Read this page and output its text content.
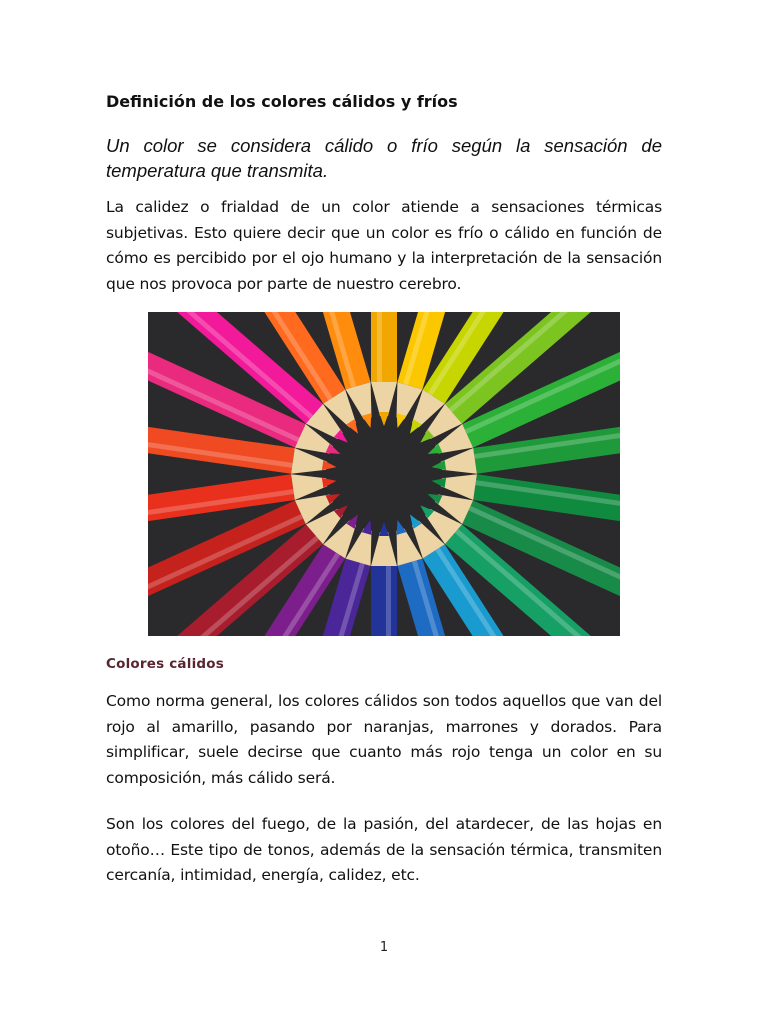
Definición de los colores cálidos y fríos

Un color se considera cálido o frío según la sensación de temperatura que transmita.

La calidez o frialdad de un color atiende a sensaciones térmicas subjetivas. Esto quiere decir que un color es frío o cálido en función de cómo es percibido por el ojo humano y la interpretación de la sensación que nos provoca por parte de nuestro cerebro.

Colores cálidos

Como norma general, los colores cálidos son todos aquellos que van del rojo al amarillo, pasando por naranjas, marrones y dorados. Para simplificar, suele decirse que cuanto más rojo tenga un color en su composición, más cálido será.

Son los colores del fuego, de la pasión, del atardecer, de las hojas en otoño… Este tipo de tonos, además de la sensación térmica, transmiten cercanía, intimidad, energía, calidez, etc.

1
